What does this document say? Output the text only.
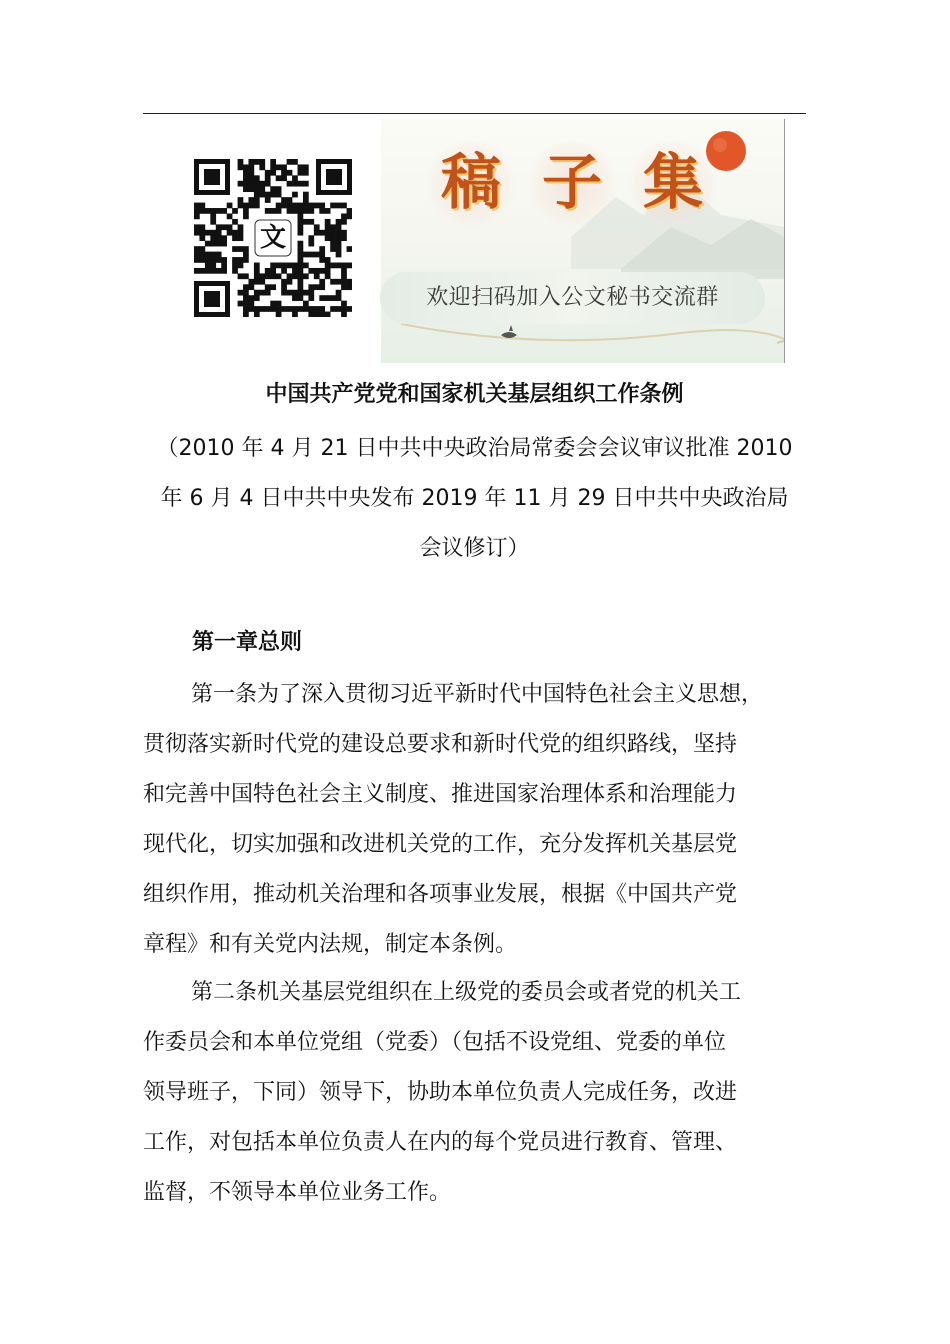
文
稿 子 集
欢迎扫码加入公文秘书交流群
中国共产党党和国家机关基层组织工作条例
（2010 年 4 月 21 日中共中央政治局常委会会议审议批准 2010
年 6 月 4 日中共中央发布 2019 年 11 月 29 日中共中央政治局
会议修订）
第一章总则
第一条为了深入贯彻习近平新时代中国特色社会主义思想，
贯彻落实新时代党的建设总要求和新时代党的组织路线，坚持
和完善中国特色社会主义制度、推进国家治理体系和治理能力
现代化，切实加强和改进机关党的工作，充分发挥机关基层党
组织作用，推动机关治理和各项事业发展，根据《中国共产党
章程》和有关党内法规，制定本条例。
第二条机关基层党组织在上级党的委员会或者党的机关工
作委员会和本单位党组（党委）（包括不设党组、党委的单位
领导班子，下同）领导下，协助本单位负责人完成任务，改进
工作，对包括本单位负责人在内的每个党员进行教育、管理、
监督，不领导本单位业务工作。
